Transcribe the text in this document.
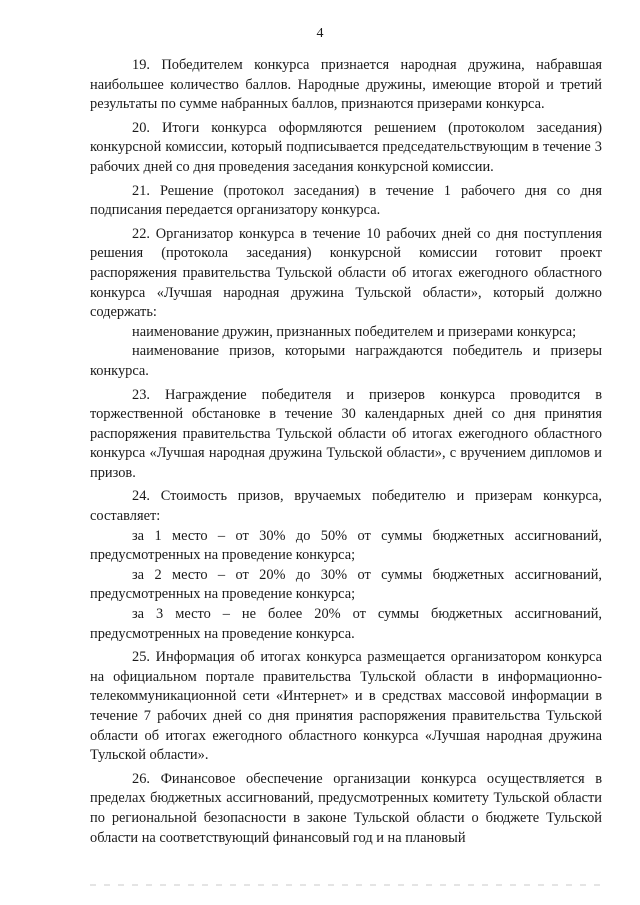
4

19. Победителем конкурса признается народная дружина, набравшая наибольшее количество баллов. Народные дружины, имеющие второй и третий результаты по сумме набранных баллов, признаются призерами конкурса.

20. Итоги конкурса оформляются решением (протоколом заседания) конкурсной комиссии, который подписывается председательствующим в течение 3 рабочих дней со дня проведения заседания конкурсной комиссии.

21. Решение (протокол заседания) в течение 1 рабочего дня со дня подписания передается организатору конкурса.

22. Организатор конкурса в течение 10 рабочих дней со дня поступления решения (протокола заседания) конкурсной комиссии готовит проект распоряжения правительства Тульской области об итогах ежегодного областного конкурса «Лучшая народная дружина Тульской области», который должно содержать:

наименование дружин, признанных победителем и призерами конкурса;

наименование призов, которыми награждаются победитель и призеры конкурса.

23. Награждение победителя и призеров конкурса проводится в торжественной обстановке в течение 30 календарных дней со дня принятия распоряжения правительства Тульской области об итогах ежегодного областного конкурса «Лучшая народная дружина Тульской области», с вручением дипломов и призов.

24. Стоимость призов, вручаемых победителю и призерам конкурса, составляет:

за 1 место – от 30% до 50% от суммы бюджетных ассигнований, предусмотренных на проведение конкурса;

за 2 место – от 20% до 30% от суммы бюджетных ассигнований, предусмотренных на проведение конкурса;

за 3 место – не более 20% от суммы бюджетных ассигнований, предусмотренных на проведение конкурса.

25. Информация об итогах конкурса размещается организатором конкурса на официальном портале правительства Тульской области в информационно-телекоммуникационной сети «Интернет» и в средствах массовой информации в течение 7 рабочих дней со дня принятия распоряжения правительства Тульской области об итогах ежегодного областного конкурса «Лучшая народная дружина Тульской области».

26. Финансовое обеспечение организации конкурса осуществляется в пределах бюджетных ассигнований, предусмотренных комитету Тульской области по региональной безопасности в законе Тульской области о бюджете Тульской области на соответствующий финансовый год и на плановый
